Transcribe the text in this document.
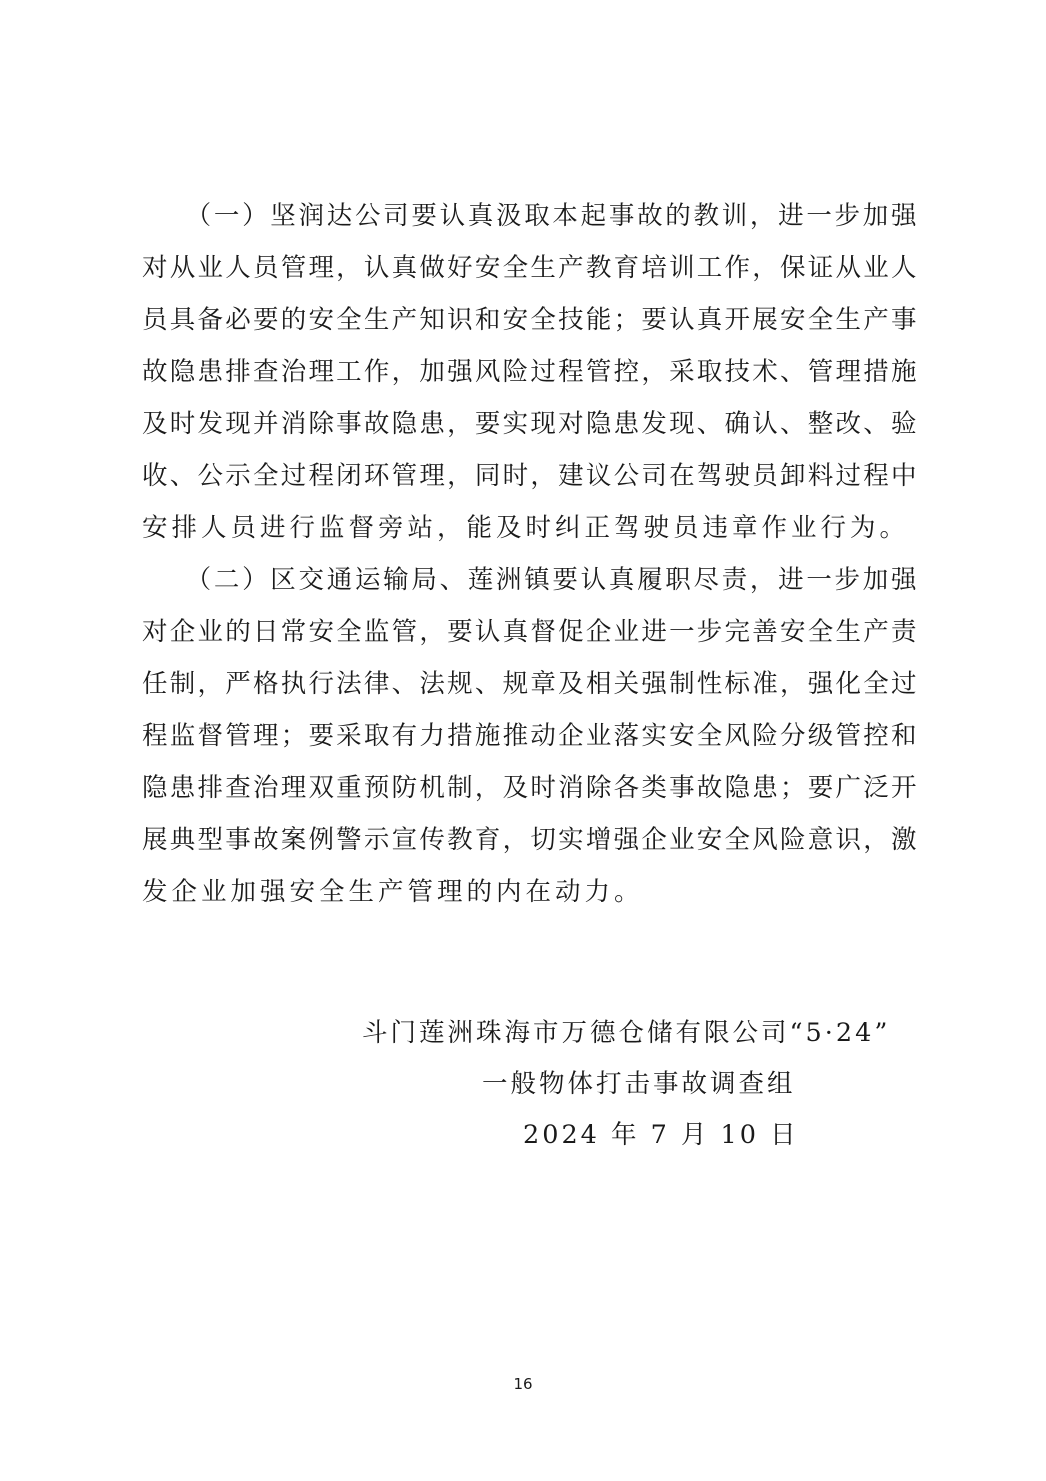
　　（一）坚润达公司要认真汲取本起事故的教训，进一步加强
对从业人员管理，认真做好安全生产教育培训工作，保证从业人
员具备必要的安全生产知识和安全技能；要认真开展安全生产事
故隐患排查治理工作，加强风险过程管控，采取技术、管理措施
及时发现并消除事故隐患，要实现对隐患发现、确认、整改、验
收、公示全过程闭环管理，同时，建议公司在驾驶员卸料过程中
安排人员进行监督旁站，能及时纠正驾驶员违章作业行为。
　　（二）区交通运输局、莲洲镇要认真履职尽责，进一步加强
对企业的日常安全监管，要认真督促企业进一步完善安全生产责
任制，严格执行法律、法规、规章及相关强制性标准，强化全过
程监督管理；要采取有力措施推动企业落实安全风险分级管控和
隐患排查治理双重预防机制，及时消除各类事故隐患；要广泛开
展典型事故案例警示宣传教育，切实增强企业安全风险意识，激
发企业加强安全生产管理的内在动力。
斗门莲洲珠海市万德仓储有限公司“5·24”
一般物体打击事故调查组
2024 年 7 月 10 日
16
